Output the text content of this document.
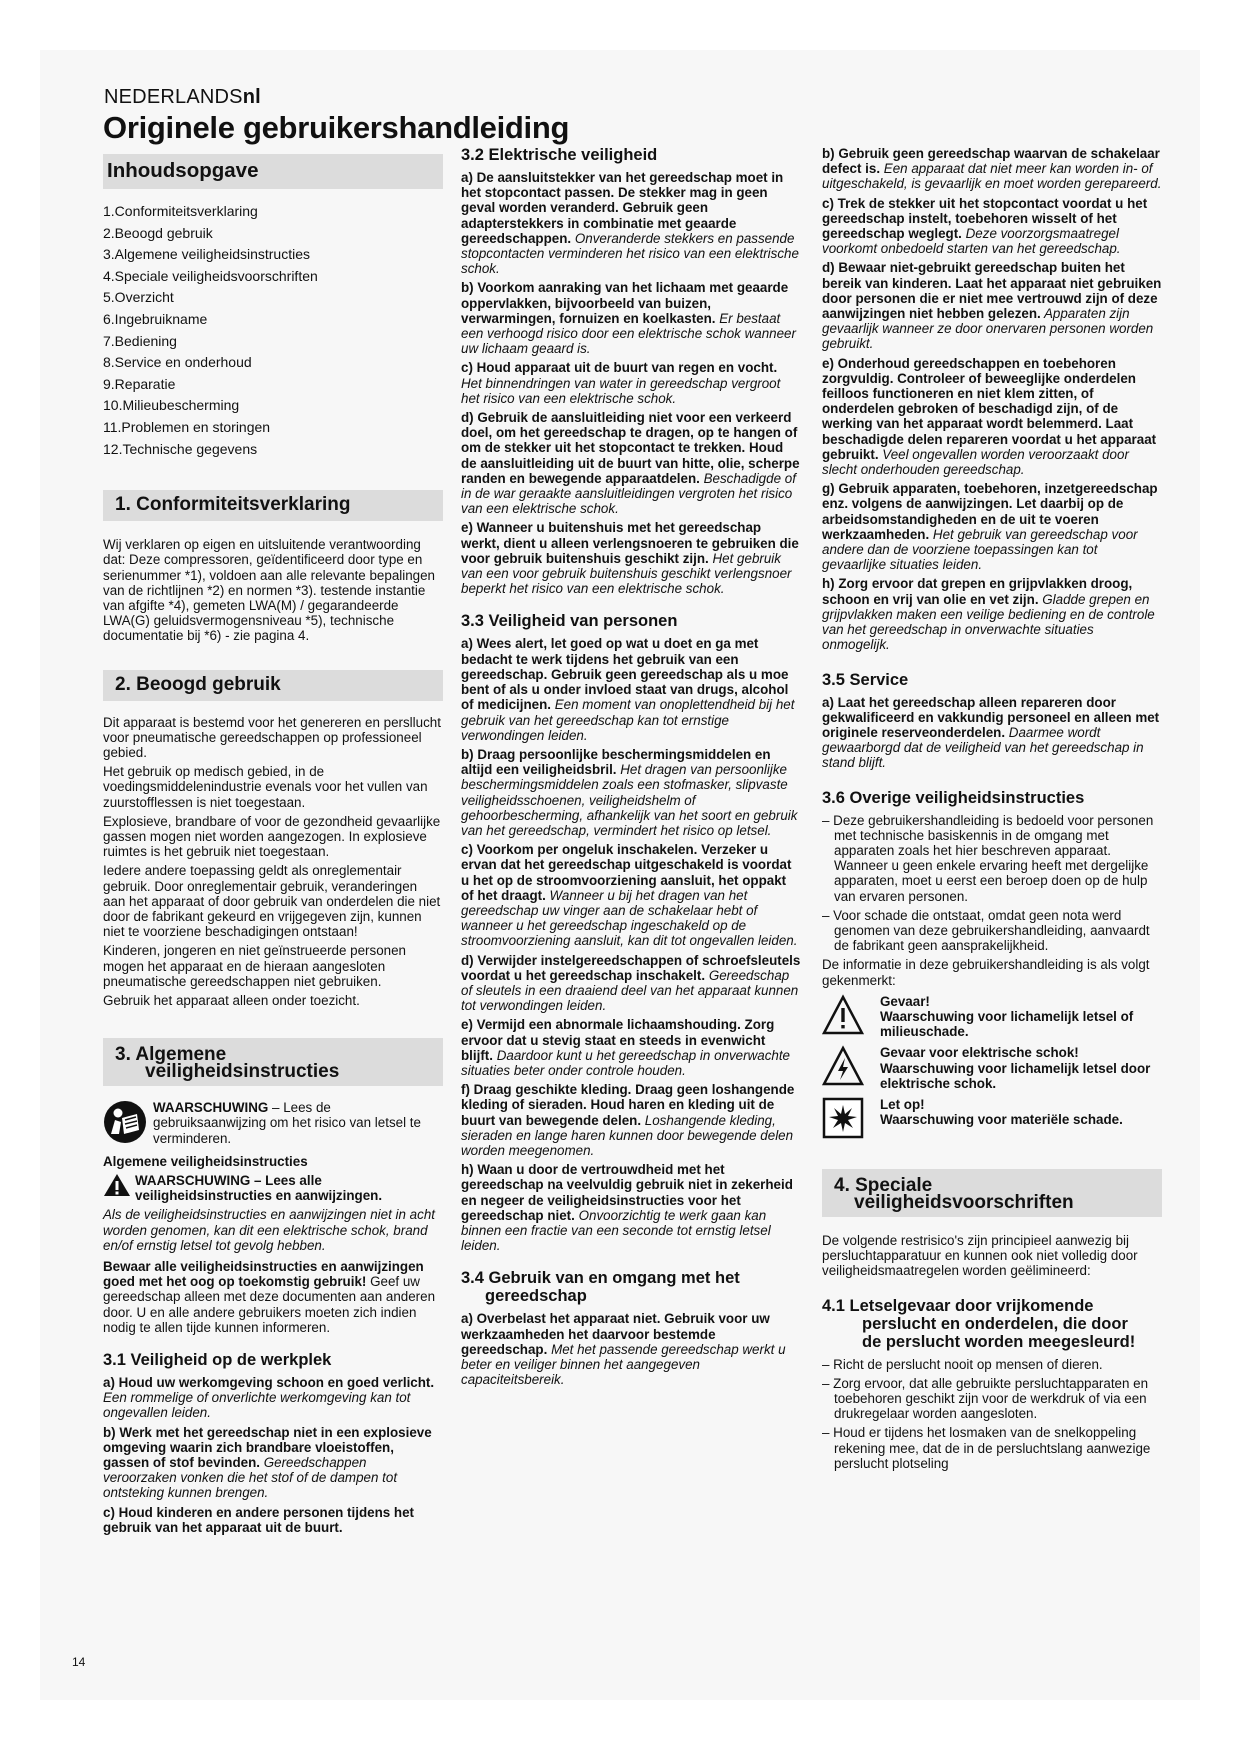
NEDERLANDSnl
Originele gebruikershandleiding
Inhoudsopgave
1.Conformiteitsverklaring
2.Beoogd gebruik
3.Algemene veiligheidsinstructies
4.Speciale veiligheidsvoorschriften
5.Overzicht
6.Ingebruikname
7.Bediening
8.Service en onderhoud
9.Reparatie
10.Milieubescherming
11.Problemen en storingen
12.Technische gegevens
1. Conformiteitsverklaring

Wij verklaren op eigen en uitsluitende verantwoording dat: Deze compressoren, geïdentificeerd door type en serienummer *1), voldoen aan alle relevante bepalingen van de richtlijnen *2) en normen *3). testende instantie van afgifte *4), gemeten LWA(M) / gegarandeerde LWA(G) geluidsvermogensniveau *5), technische documentatie bij *6) - zie pagina 4.

2. Beoogd gebruik

Dit apparaat is bestemd voor het genereren en persllucht voor pneumatische gereedschappen op professioneel gebied.

Het gebruik op medisch gebied, in de voedingsmiddelenindustrie evenals voor het vullen van zuurstofflessen is niet toegestaan.

Explosieve, brandbare of voor de gezondheid gevaarlijke gassen mogen niet worden aangezogen. In explosieve ruimtes is het gebruik niet toegestaan.

Iedere andere toepassing geldt als onreglementair gebruik. Door onreglementair gebruik, veranderingen aan het apparaat of door gebruik van onderdelen die niet door de fabrikant gekeurd en vrijgegeven zijn, kunnen niet te voorziene beschadigingen ontstaan!

Kinderen, jongeren en niet geïnstrueerde personen mogen het apparaat en de hieraan aangesloten pneumatische gereedschappen niet gebruiken.

Gebruik het apparaat alleen onder toezicht.

3. Algemene
veiligheidsinstructies

WAARSCHUWING – Lees de gebruiksaanwijzing om het risico van letsel te verminderen.

Algemene veiligheidsinstructies

WAARSCHUWING – Lees alle veiligheidsinstructies en aanwijzingen.

Als de veiligheidsinstructies en aanwijzingen niet in acht worden genomen, kan dit een elektrische schok, brand en/of ernstig letsel tot gevolg hebben.

Bewaar alle veiligheidsinstructies en aanwijzingen goed met het oog op toekomstig gebruik! Geef uw gereedschap alleen met deze documenten aan anderen door. U en alle andere gebruikers moeten zich indien nodig te allen tijde kunnen informeren.

3.1 Veiligheid op de werkplek

a) Houd uw werkomgeving schoon en goed verlicht. Een rommelige of onverlichte werkomgeving kan tot ongevallen leiden.

b) Werk met het gereedschap niet in een explosieve omgeving waarin zich brandbare vloeistoffen, gassen of stof bevinden. Gereedschappen veroorzaken vonken die het stof of de dampen tot ontsteking kunnen brengen.

c) Houd kinderen en andere personen tijdens het gebruik van het apparaat uit de buurt.

3.2 Elektrische veiligheid

a) De aansluitstekker van het gereedschap moet in het stopcontact passen. De stekker mag in geen geval worden veranderd. Gebruik geen adapterstekkers in combinatie met geaarde gereedschappen. Onveranderde stekkers en passende stopcontacten verminderen het risico van een elektrische schok.

b) Voorkom aanraking van het lichaam met geaarde oppervlakken, bijvoorbeeld van buizen, verwarmingen, fornuizen en koelkasten. Er bestaat een verhoogd risico door een elektrische schok wanneer uw lichaam geaard is.

c) Houd apparaat uit de buurt van regen en vocht. Het binnendringen van water in gereedschap vergroot het risico van een elektrische schok.

d) Gebruik de aansluitleiding niet voor een verkeerd doel, om het gereedschap te dragen, op te hangen of om de stekker uit het stopcontact te trekken. Houd de aansluitleiding uit de buurt van hitte, olie, scherpe randen en bewegende apparaatdelen. Beschadigde of in de war geraakte aansluitleidingen vergroten het risico van een elektrische schok.

e) Wanneer u buitenshuis met het gereedschap werkt, dient u alleen verlengsnoeren te gebruiken die voor gebruik buitenshuis geschikt zijn. Het gebruik van een voor gebruik buitenshuis geschikt verlengsnoer beperkt het risico van een elektrische schok.

3.3 Veiligheid van personen

a) Wees alert, let goed op wat u doet en ga met bedacht te werk tijdens het gebruik van een gereedschap. Gebruik geen gereedschap als u moe bent of als u onder invloed staat van drugs, alcohol of medicijnen. Een moment van onoplettendheid bij het gebruik van het gereedschap kan tot ernstige verwondingen leiden.

b) Draag persoonlijke beschermingsmiddelen en altijd een veiligheidsbril. Het dragen van persoonlijke beschermingsmiddelen zoals een stofmasker, slipvaste veiligheidsschoenen, veiligheidshelm of gehoorbescherming, afhankelijk van het soort en gebruik van het gereedschap, vermindert het risico op letsel.

c) Voorkom per ongeluk inschakelen. Verzeker u ervan dat het gereedschap uitgeschakeld is voordat u het op de stroomvoorziening aansluit, het oppakt of het draagt. Wanneer u bij het dragen van het gereedschap uw vinger aan de schakelaar hebt of wanneer u het gereedschap ingeschakeld op de stroomvoorziening aansluit, kan dit tot ongevallen leiden.

d) Verwijder instelgereedschappen of schroefsleutels voordat u het gereedschap inschakelt. Gereedschap of sleutels in een draaiend deel van het apparaat kunnen tot verwondingen leiden.

e) Vermijd een abnormale lichaamshouding. Zorg ervoor dat u stevig staat en steeds in evenwicht blijft. Daardoor kunt u het gereedschap in onverwachte situaties beter onder controle houden.

f) Draag geschikte kleding. Draag geen loshangende kleding of sieraden. Houd haren en kleding uit de buurt van bewegende delen. Loshangende kleding, sieraden en lange haren kunnen door bewegende delen worden meegenomen.

h) Waan u door de vertrouwdheid met het gereedschap na veelvuldig gebruik niet in zekerheid en negeer de veiligheidsinstructies voor het gereedschap niet. Onvoorzichtig te werk gaan kan binnen een fractie van een seconde tot ernstig letsel leiden.

3.4 Gebruik van en omgang met het
gereedschap

a) Overbelast het apparaat niet. Gebruik voor uw werkzaamheden het daarvoor bestemde gereedschap. Met het passende gereedschap werkt u beter en veiliger binnen het aangegeven capaciteitsbereik.

b) Gebruik geen gereedschap waarvan de schakelaar defect is. Een apparaat dat niet meer kan worden in- of uitgeschakeld, is gevaarlijk en moet worden gerepareerd.

c) Trek de stekker uit het stopcontact voordat u het gereedschap instelt, toebehoren wisselt of het gereedschap weglegt. Deze voorzorgsmaatregel voorkomt onbedoeld starten van het gereedschap.

d) Bewaar niet-gebruikt gereedschap buiten het bereik van kinderen. Laat het apparaat niet gebruiken door personen die er niet mee vertrouwd zijn of deze aanwijzingen niet hebben gelezen. Apparaten zijn gevaarlijk wanneer ze door onervaren personen worden gebruikt.

e) Onderhoud gereedschappen en toebehoren zorgvuldig. Controleer of beweeglijke onderdelen feilloos functioneren en niet klem zitten, of onderdelen gebroken of beschadigd zijn, of de werking van het apparaat wordt belemmerd. Laat beschadigde delen repareren voordat u het apparaat gebruikt. Veel ongevallen worden veroorzaakt door slecht onderhouden gereedschap.

g) Gebruik apparaten, toebehoren, inzetgereedschap enz. volgens de aanwijzingen. Let daarbij op de arbeidsomstandigheden en de uit te voeren werkzaamheden. Het gebruik van gereedschap voor andere dan de voorziene toepassingen kan tot gevaarlijke situaties leiden.

h) Zorg ervoor dat grepen en grijpvlakken droog, schoon en vrij van olie en vet zijn. Gladde grepen en grijpvlakken maken een veilige bediening en de controle van het gereedschap in onverwachte situaties onmogelijk.

3.5 Service

a) Laat het gereedschap alleen repareren door gekwalificeerd en vakkundig personeel en alleen met originele reserveonderdelen. Daarmee wordt gewaarborgd dat de veiligheid van het gereedschap in stand blijft.

3.6 Overige veiligheidsinstructies
– Deze gebruikershandleiding is bedoeld voor personen met technische basiskennis in de omgang met apparaten zoals het hier beschreven apparaat. Wanneer u geen enkele ervaring heeft met dergelijke apparaten, moet u eerst een beroep doen op de hulp van ervaren personen.
– Voor schade die ontstaat, omdat geen nota werd genomen van deze gebruikershandleiding, aanvaardt de fabrikant geen aansprakelijkheid.

De informatie in deze gebruikershandleiding is als volgt gekenmerkt:

Gevaar!
Waarschuwing voor lichamelijk letsel of milieuschade.
Gevaar voor elektrische schok!
Waarschuwing voor lichamelijk letsel door elektrische schok.
Let op!
Waarschuwing voor materiële schade.
4. Speciale
veiligheidsvoorschriften

De volgende restrisico's zijn principieel aanwezig bij persluchtapparatuur en kunnen ook niet volledig door veiligheidsmaatregelen worden geëlimineerd:

4.1 Letselgevaar door vrijkomende
perslucht en onderdelen, die door
de perslucht worden meegesleurd!
– Richt de perslucht nooit op mensen of dieren.
– Zorg ervoor, dat alle gebruikte persluchtapparaten en toebehoren geschikt zijn voor de werkdruk of via een drukregelaar worden aangesloten.
– Houd er tijdens het losmaken van de snelkoppeling rekening mee, dat de in de persluchtslang aanwezige perslucht plotseling
14
